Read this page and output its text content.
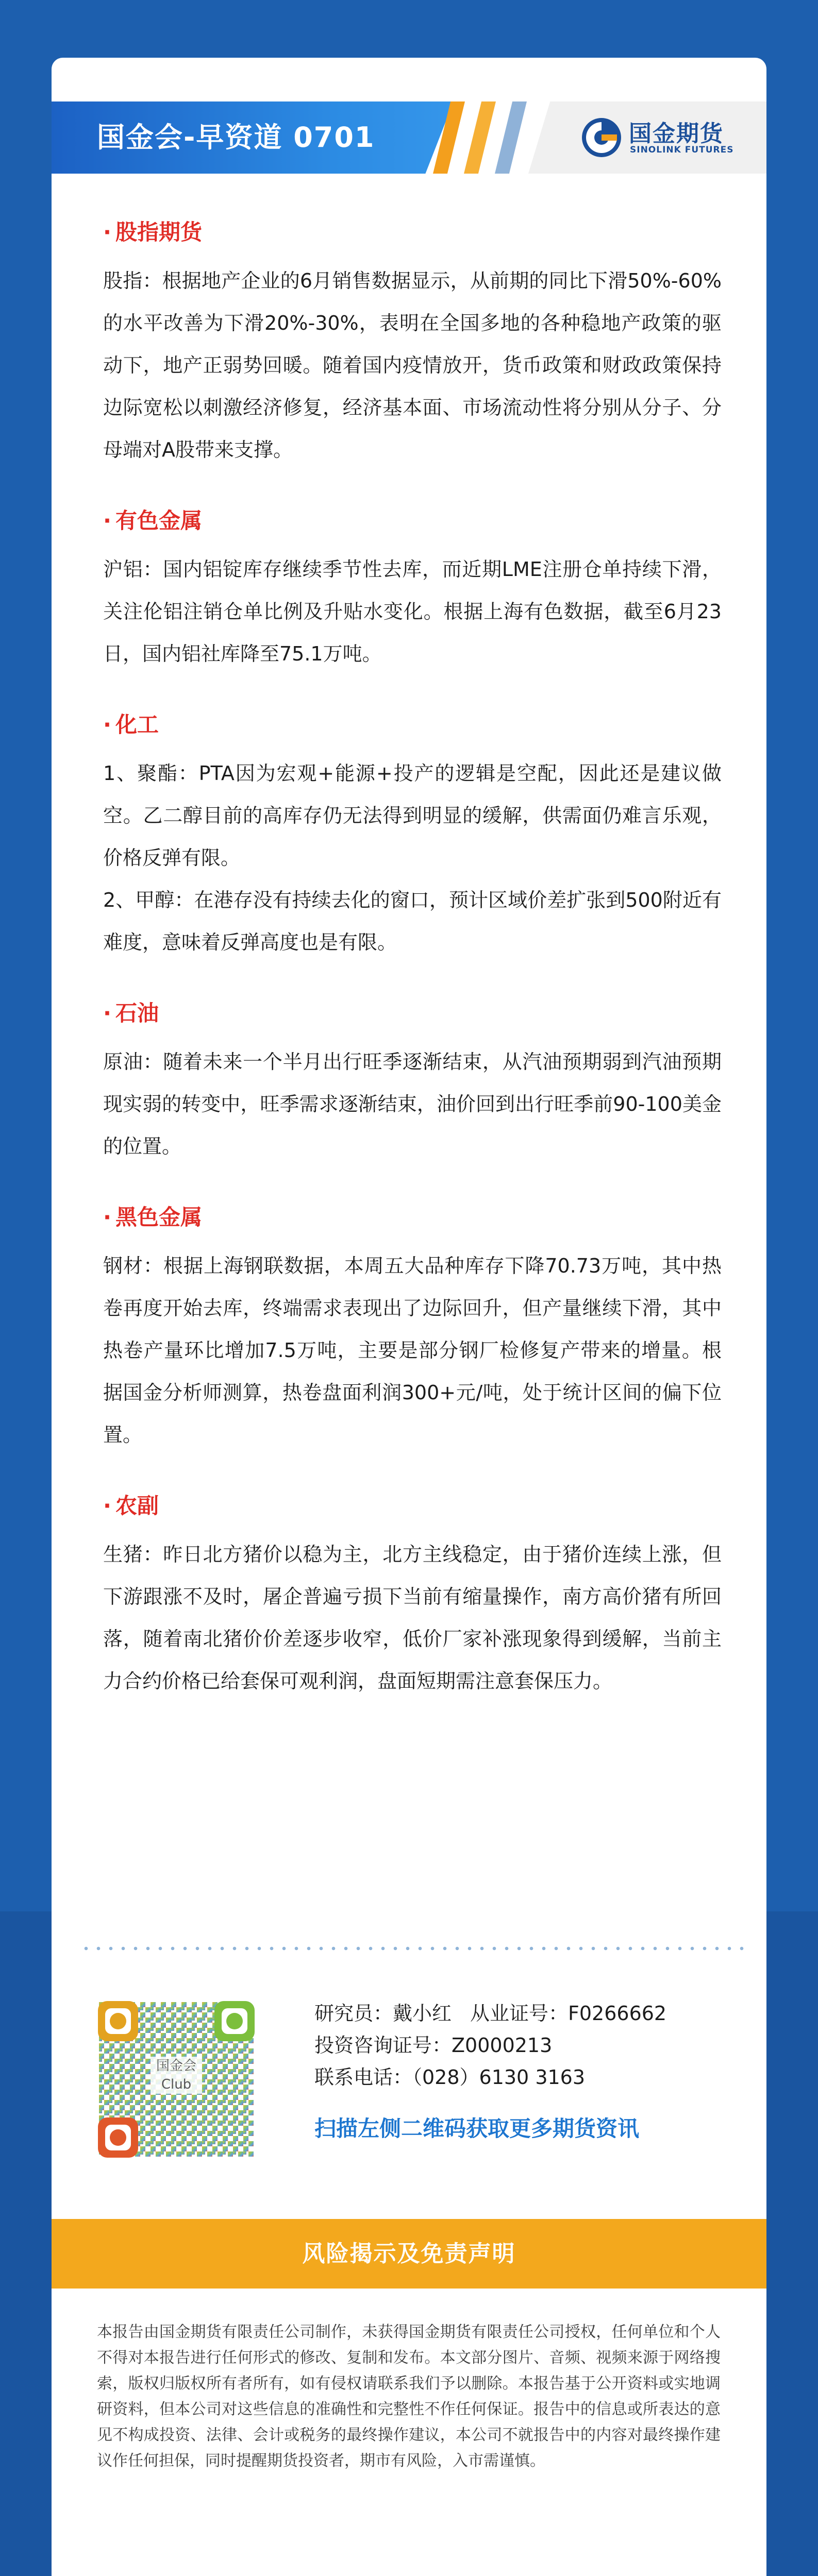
国金会-早资道 0701	国金期货
SINOLINK FUTURES
· 股指期货

股指：根据地产企业的6月销售数据显示，从前期的同比下滑50%-60%的水平改善为下滑20%-30%，表明在全国多地的各种稳地产政策的驱动下，地产正弱势回暖。随着国内疫情放开，货币政策和财政政策保持边际宽松以刺激经济修复，经济基本面、市场流动性将分别从分子、分母端对A股带来支撑。

· 有色金属

沪铝：国内铝锭库存继续季节性去库，而近期LME注册仓单持续下滑，关注伦铝注销仓单比例及升贴水变化。根据上海有色数据，截至6月23日，国内铝社库降至75.1万吨。

· 化工

1、聚酯：PTA因为宏观+能源+投产的逻辑是空配，因此还是建议做空。乙二醇目前的高库存仍无法得到明显的缓解，供需面仍难言乐观，价格反弹有限。

2、甲醇：在港存没有持续去化的窗口，预计区域价差扩张到500附近有难度，意味着反弹高度也是有限。

· 石油

原油：随着未来一个半月出行旺季逐渐结束，从汽油预期弱到汽油预期现实弱的转变中，旺季需求逐渐结束，油价回到出行旺季前90-100美金的位置。

· 黑色金属

钢材：根据上海钢联数据，本周五大品种库存下降70.73万吨，其中热卷再度开始去库，终端需求表现出了边际回升，但产量继续下滑，其中热卷产量环比增加7.5万吨，主要是部分钢厂检修复产带来的增量。根据国金分析师测算，热卷盘面利润300+元/吨，处于统计区间的偏下位置。

· 农副

生猪：昨日北方猪价以稳为主，北方主线稳定，由于猪价连续上涨，但下游跟涨不及时，屠企普遍亏损下当前有缩量操作，南方高价猪有所回落，随着南北猪价价差逐步收窄，低价厂家补涨现象得到缓解，当前主力合约价格已给套保可观利润，盘面短期需注意套保压力。

国金会 Club
研究员：戴小红 从业证号：F0266662
投资咨询证号：Z0000213
联系电话：（028）6130 3163
扫描左侧二维码获取更多期货资讯
风险揭示及免责声明
本报告由国金期货有限责任公司制作，未获得国金期货有限责任公司授权，任何单位和个人不得对本报告进行任何形式的修改、复制和发布。本文部分图片、音频、视频来源于网络搜索，版权归版权所有者所有，如有侵权请联系我们予以删除。本报告基于公开资料或实地调研资料，但本公司对这些信息的准确性和完整性不作任何保证。报告中的信息或所表达的意见不构成投资、法律、会计或税务的最终操作建议，本公司不就报告中的内容对最终操作建议作任何担保，同时提醒期货投资者，期市有风险，入市需谨慎。
